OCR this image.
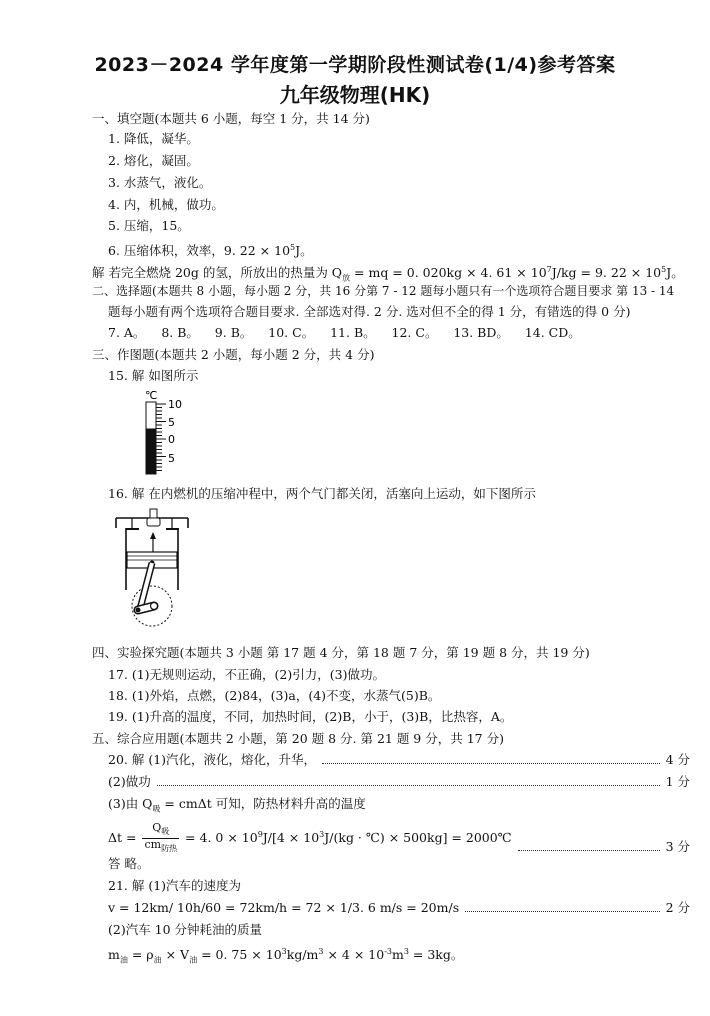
2023－2024 学年度第一学期阶段性测试卷(1/4)参考答案
九年级物理(HK)
一、填空题(本题共 6 小题，每空 1 分，共 14 分)
1. 降低，凝华。
2. 熔化，凝固。
3. 水蒸气，液化。
4. 内，机械，做功。
5. 压缩，15。
6. 压缩体积，效率，9. $22 \times 10^5J$。
解 若完全燃烧 20g 的氢，所放出的热量为 $Q_放$ = mq = 0. 020kg × 4. $61 \times 10^7J/kg = 9$. $22 \times 10^5J$。
二、选择题(本题共 8 小题，每小题 2 分，共 16 分第 7 - 12 题每小题只有一个选项符合题目要求 第 13 - 14
题每小题有两个选项符合题目要求. 全部选对得. 2 分. 选对但不全的得 1 分，有错选的得 0 分)
7. A。    8. B。    9. B。    10. C。    11. B。    12. C。    13. BD。    14. CD。
三、作图题(本题共 2 小题，每小题 2 分，共 4 分)
15. 解 如图所示
℃
10
5
0
5
16. 解 在内燃机的压缩冲程中，两个气门都关闭，活塞向上运动，如下图所示
四、实验探究题(本题共 3 小题 第 17 题 4 分，第 18 题 7 分，第 19 题 8 分，共 19 分)
17. (1)无规则运动，不正确，(2)引力，(3)做功。
18. (1)外焰，点燃，(2)84，(3)a，(4)不变，水蒸气(5)B。
19. (1)升高的温度，不同，加热时间，(2)B，小于，(3)B，比热容，A。
五、综合应用题(本题共 2 小题，第 20 题 8 分. 第 21 题 9 分，共 17 分)
20. 解 (1)汽化，液化，熔化，升华，	4 分
(2)做功	1 分
(3)由 $Q_吸 = cm\Delta t$ 可知，防热材料升高的温度
$\Delta t = \frac{Q_吸}{cm_{防热}} = 4$. $0 \times 10^9J/[4 \times 10^3J/(kg$ · ℃) × 500kg] = 2000℃
3 分
答 略。
21. 解 (1)汽车的速度为
v = 12km/ 10h/60 = 72km/h = 72 × 1/3. 6 m/s = 20m/s	2 分
(2)汽车 10 分钟耗油的质量
$m_油 = \rho_油 \times V_油 = 0$. $75 \times 10^3kg/m^3 \times 4 \times 10^{-3}m^3 = 3kg$。
